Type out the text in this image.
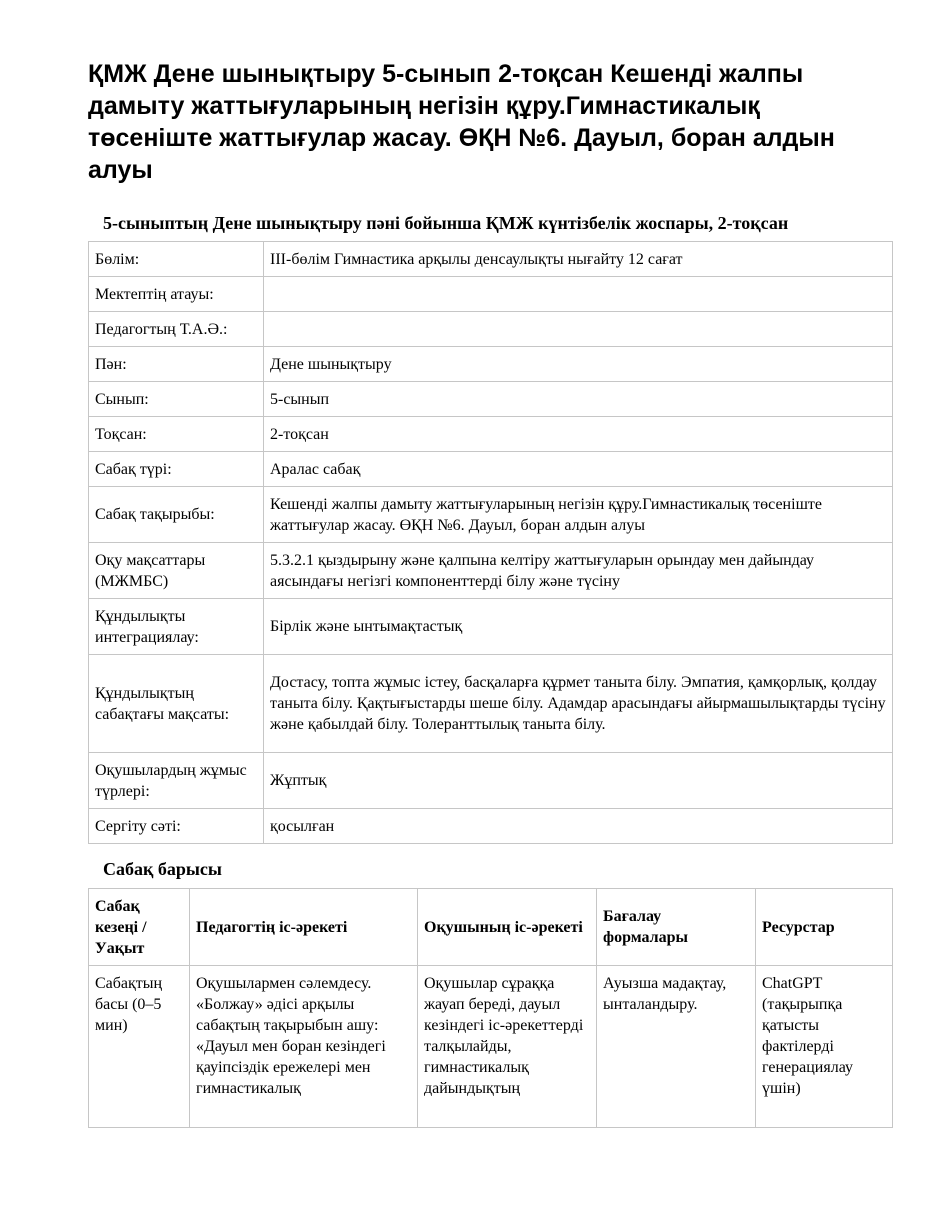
ҚМЖ Дене шынықтыру 5-сынып 2-тоқсан Кешенді жалпы дамыту жаттығуларының негізін құру.Гимнастикалық төсеніште жаттығулар жасау. ӨҚН №6. Дауыл, боран алдын алуы
5-сыныптың Дене шынықтыру пәні бойынша ҚМЖ күнтізбелік жоспары, 2-тоқсан
Бөлім:	ІІІ-бөлім Гимнастика арқылы денсаулықты нығайту 12 сағат
Мектептің атауы:	
Педагогтың Т.А.Ә.:	
Пән:	Дене шынықтыру
Сынып:	5-сынып
Тоқсан:	2-тоқсан
Сабақ түрі:	Аралас сабақ
Сабақ тақырыбы:	Кешенді жалпы дамыту жаттығуларының негізін құру.Гимнастикалық төсеніште жаттығулар жасау. ӨҚН №6. Дауыл, боран алдын алуы
Оқу мақсаттары (МЖМБС)	5.3.2.1 қыздырыну және қалпына келтіру жаттығуларын орындау мен дайындау аясындағы негізгі компоненттерді білу және түсіну
Құндылықты интеграциялау:	Бірлік және ынтымақтастық
Құндылықтың сабақтағы мақсаты:	Достасу, топта жұмыс істеу, басқаларға құрмет таныта білу. Эмпатия, қамқорлық, қолдау таныта білу. Қақтығыстарды шеше білу. Адамдар арасындағы айырмашылықтарды түсіну және қабылдай білу. Толеранттылық таныта білу.
Оқушылардың жұмыс түрлері:	Жұптық
Сергіту сәті:	қосылған
Сабақ барысы
Сабақ кезеңі / Уақыт	Педагогтің іс-әрекеті	Оқушының іс-әрекеті	Бағалау формалары	Ресурстар
Сабақтың басы (0–5 мин)	Оқушылармен сәлемдесу. «Болжау» әдісі арқылы сабақтың тақырыбын ашу: «Дауыл мен боран кезіндегі қауіпсіздік ережелері мен гимнастикалық	Оқушылар сұраққа жауап береді, дауыл кезіндегі іс-әрекеттерді талқылайды, гимнастикалық дайындықтың	Ауызша мадақтау, ынталандыру.	ChatGPT (тақырыпқа қатысты фактілерді генерациялау үшін)
